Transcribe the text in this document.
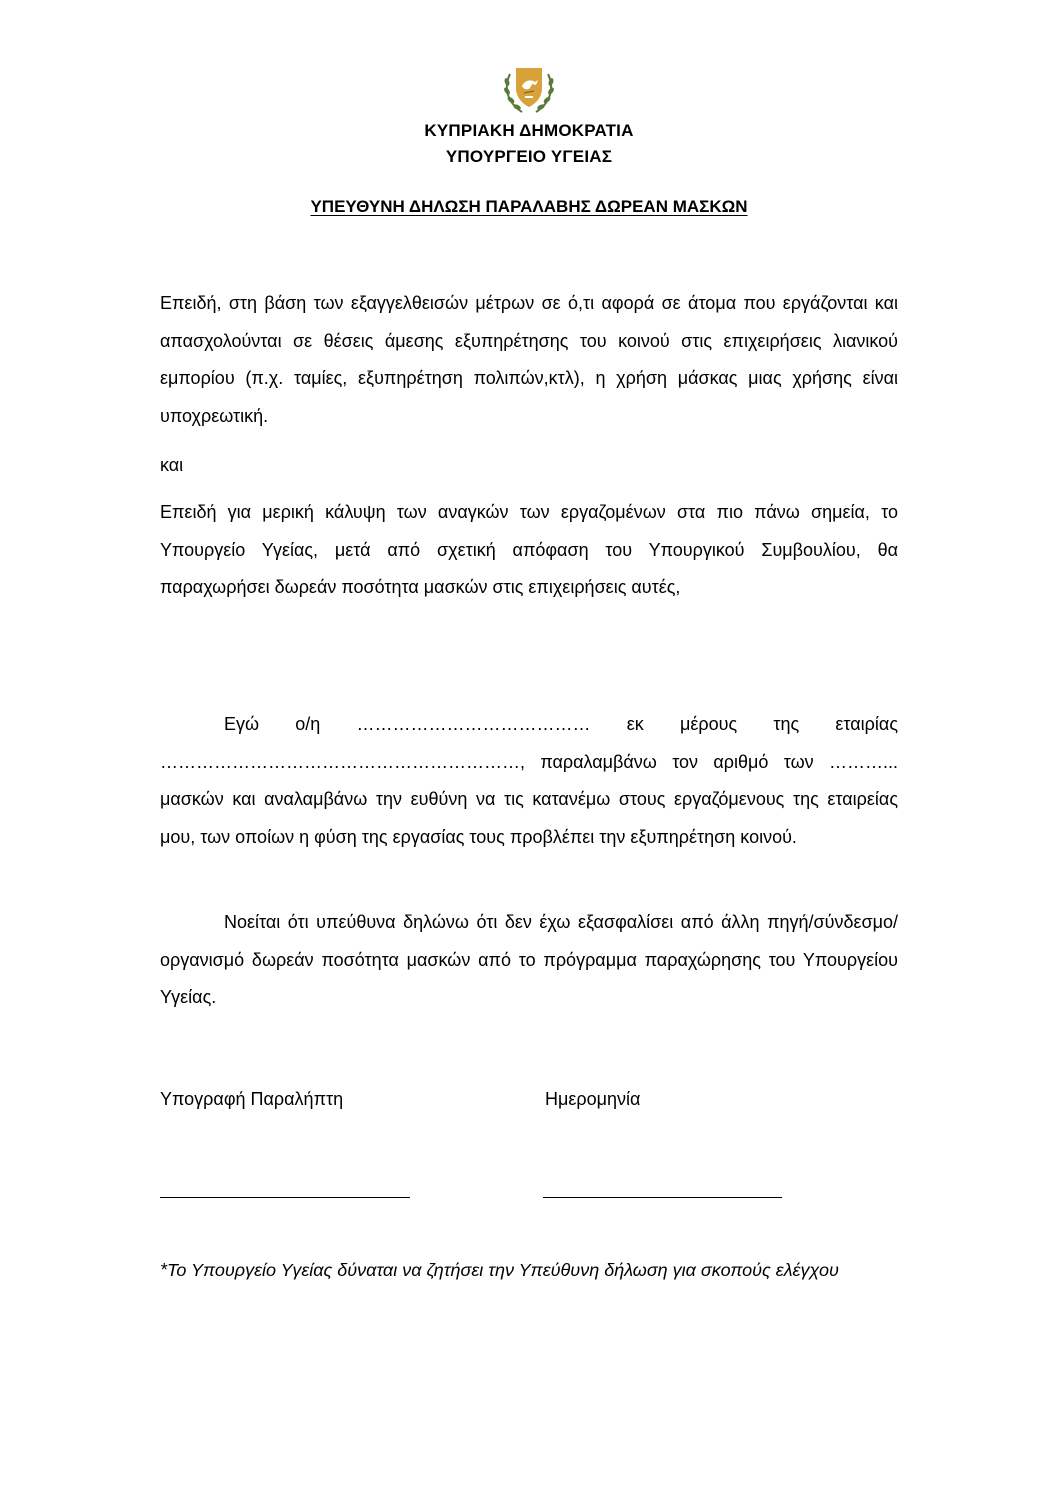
ΚΥΠΡΙΑΚΗ ΔΗΜΟΚΡΑΤΙΑ
ΥΠΟΥΡΓΕΙΟ ΥΓΕΙΑΣ
ΥΠΕΥΘΥΝΗ ΔΗΛΩΣΗ ΠΑΡΑΛΑΒΗΣ ΔΩΡΕΑΝ ΜΑΣΚΩΝ
Επειδή, στη βάση των εξαγγελθεισών μέτρων σε ό,τι αφορά σε άτομα που εργάζονται και απασχολούνται σε θέσεις άμεσης εξυπηρέτησης του κοινού στις επιχειρήσεις λιανικού εμπορίου (π.χ. ταμίες, εξυπηρέτηση πολιπών,κτλ), η χρήση μάσκας μιας χρήσης είναι υποχρεωτική.
και
Επειδή για μερική κάλυψη των αναγκών των εργαζομένων στα πιο πάνω σημεία, το Υπουργείο Υγείας, μετά από σχετική απόφαση του Υπουργικού Συμβουλίου, θα παραχωρήσει δωρεάν ποσότητα μασκών στις επιχειρήσεις αυτές,
Εγώ ο/η ………………………………… εκ μέρους της εταιρίας ……………………………………………………, παραλαμβάνω τον αριθμό των ………... μασκών και αναλαμβάνω την ευθύνη να τις κατανέμω στους εργαζόμενους της εταιρείας μου, των οποίων η φύση της εργασίας τους προβλέπει την εξυπηρέτηση κοινού.
Νοείται ότι υπεύθυνα δηλώνω ότι δεν έχω εξασφαλίσει από άλλη πηγή/σύνδεσμο/οργανισμό δωρεάν ποσότητα μασκών από το πρόγραμμα παραχώρησης του Υπουργείου Υγείας.
Υπογραφή Παραλήπτη	Ημερομηνία
*Το Υπουργείο Υγείας δύναται να ζητήσει την Υπεύθυνη δήλωση για σκοπούς ελέγχου
